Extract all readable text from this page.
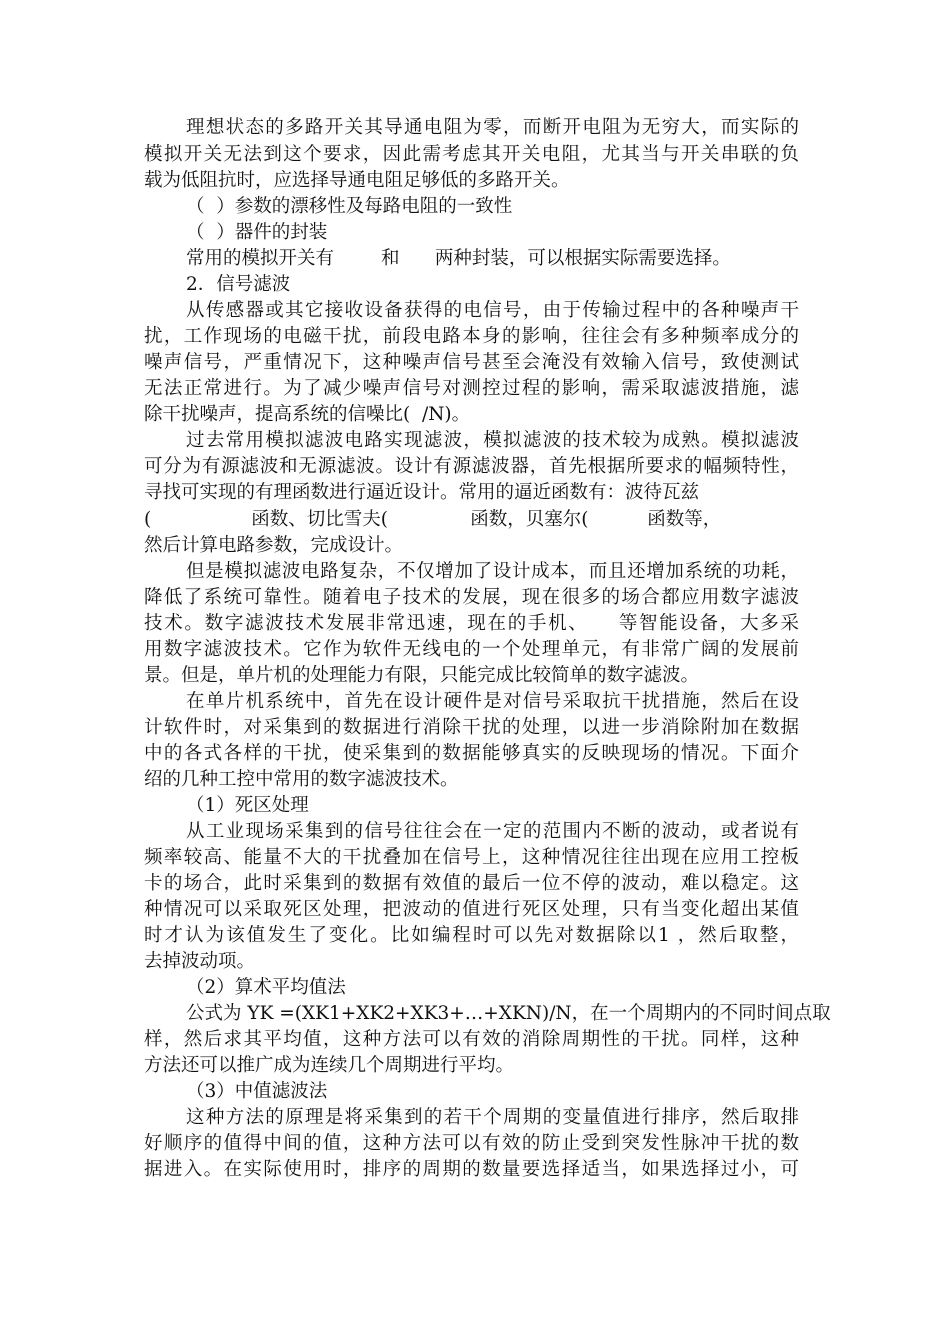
理想状态的多路开关其导通电阻为零，而断开电阻为无穷大，而实际的
模拟开关无法到这个要求，因此需考虑其开关电阻，尤其当与开关串联的负
载为低阻抗时，应选择导通电阻足够低的多路开关。
（  ）参数的漂移性及每路电阻的一致性
（  ）器件的封装
常用的模拟开关有        和      两种封装，可以根据实际需要选择。
2．信号滤波
从传感器或其它接收设备获得的电信号，由于传输过程中的各种噪声干
扰，工作现场的电磁干扰，前段电路本身的影响，往往会有多种频率成分的
噪声信号，严重情况下，这种噪声信号甚至会淹没有效输入信号，致使测试
无法正常进行。为了减少噪声信号对测控过程的影响，需采取滤波措施，滤
除干扰噪声，提高系统的信噪比(  /N)。
过去常用模拟滤波电路实现滤波，模拟滤波的技术较为成熟。模拟滤波
可分为有源滤波和无源滤波。设计有源滤波器，首先根据所要求的幅频特性，
寻找可实现的有理函数进行逼近设计。常用的逼近函数有：波待瓦兹
(                 函数、切比雪夫(              函数，贝塞尔(          函数等，
然后计算电路参数，完成设计。
但是模拟滤波电路复杂，不仅增加了设计成本，而且还增加系统的功耗，
降低了系统可靠性。随着电子技术的发展，现在很多的场合都应用数字滤波
技术。数字滤波技术发展非常迅速，现在的手机、    等智能设备，大多采
用数字滤波技术。它作为软件无线电的一个处理单元，有非常广阔的发展前
景。但是，单片机的处理能力有限，只能完成比较简单的数字滤波。
在单片机系统中，首先在设计硬件是对信号采取抗干扰措施，然后在设
计软件时，对采集到的数据进行消除干扰的处理，以进一步消除附加在数据
中的各式各样的干扰，使采集到的数据能够真实的反映现场的情况。下面介
绍的几种工控中常用的数字滤波技术。
（1）死区处理
从工业现场采集到的信号往往会在一定的范围内不断的波动，或者说有
频率较高、能量不大的干扰叠加在信号上，这种情况往往出现在应用工控板
卡的场合，此时采集到的数据有效值的最后一位不停的波动，难以稳定。这
种情况可以采取死区处理，把波动的值进行死区处理，只有当变化超出某值
时才认为该值发生了变化。比如编程时可以先对数据除以1 ，然后取整，
去掉波动项。
（2）算术平均值法
公式为 YK =(XK1+XK2+XK3+…+XKN)/N，在一个周期内的不同时间点取
样，然后求其平均值，这种方法可以有效的消除周期性的干扰。同样，这种
方法还可以推广成为连续几个周期进行平均。
（3）中值滤波法
这种方法的原理是将采集到的若干个周期的变量值进行排序，然后取排
好顺序的值得中间的值，这种方法可以有效的防止受到突发性脉冲干扰的数
据进入。在实际使用时，排序的周期的数量要选择适当，如果选择过小，可
